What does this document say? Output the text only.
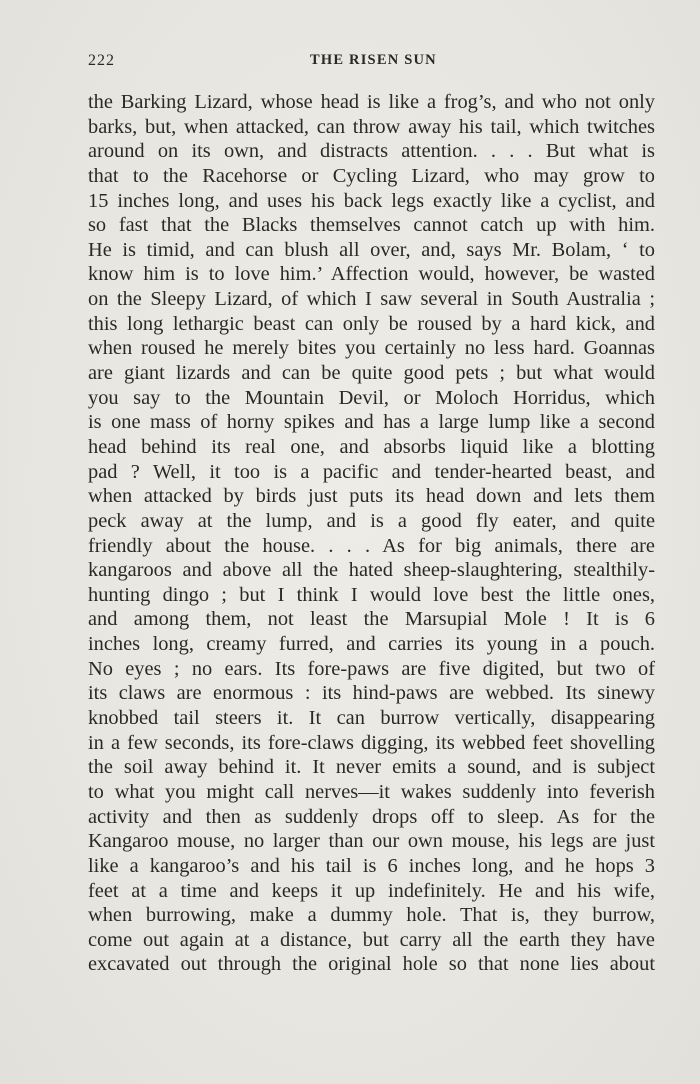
222	THE RISEN SUN
the Barking Lizard, whose head is like a frog’s, and who not only
barks, but, when attacked, can throw away his tail, which twitches
around on its own, and distracts attention. . . . But what is
that to the Racehorse or Cycling Lizard, who may grow to
15 inches long, and uses his back legs exactly like a cyclist, and
so fast that the Blacks themselves cannot catch up with him.
He is timid, and can blush all over, and, says Mr. Bolam, ‘ to
know him is to love him.’ Affection would, however, be wasted
on the Sleepy Lizard, of which I saw several in South Australia ;
this long lethargic beast can only be roused by a hard kick, and
when roused he merely bites you certainly no less hard. Goannas
are giant lizards and can be quite good pets ; but what would
you say to the Mountain Devil, or Moloch Horridus, which
is one mass of horny spikes and has a large lump like a second
head behind its real one, and absorbs liquid like a blotting
pad ? Well, it too is a pacific and tender-hearted beast, and
when attacked by birds just puts its head down and lets them
peck away at the lump, and is a good fly eater, and quite
friendly about the house. . . . As for big animals, there are
kangaroos and above all the hated sheep-slaughtering, stealthily-
hunting dingo ; but I think I would love best the little ones,
and among them, not least the Marsupial Mole ! It is 6
inches long, creamy furred, and carries its young in a pouch.
No eyes ; no ears. Its fore-paws are five digited, but two of
its claws are enormous : its hind-paws are webbed. Its sinewy
knobbed tail steers it. It can burrow vertically, disappearing
in a few seconds, its fore-claws digging, its webbed feet shovelling
the soil away behind it. It never emits a sound, and is subject
to what you might call nerves—it wakes suddenly into feverish
activity and then as suddenly drops off to sleep. As for the
Kangaroo mouse, no larger than our own mouse, his legs are just
like a kangaroo’s and his tail is 6 inches long, and he hops 3
feet at a time and keeps it up indefinitely. He and his wife,
when burrowing, make a dummy hole. That is, they burrow,
come out again at a distance, but carry all the earth they have
excavated out through the original hole so that none lies about
